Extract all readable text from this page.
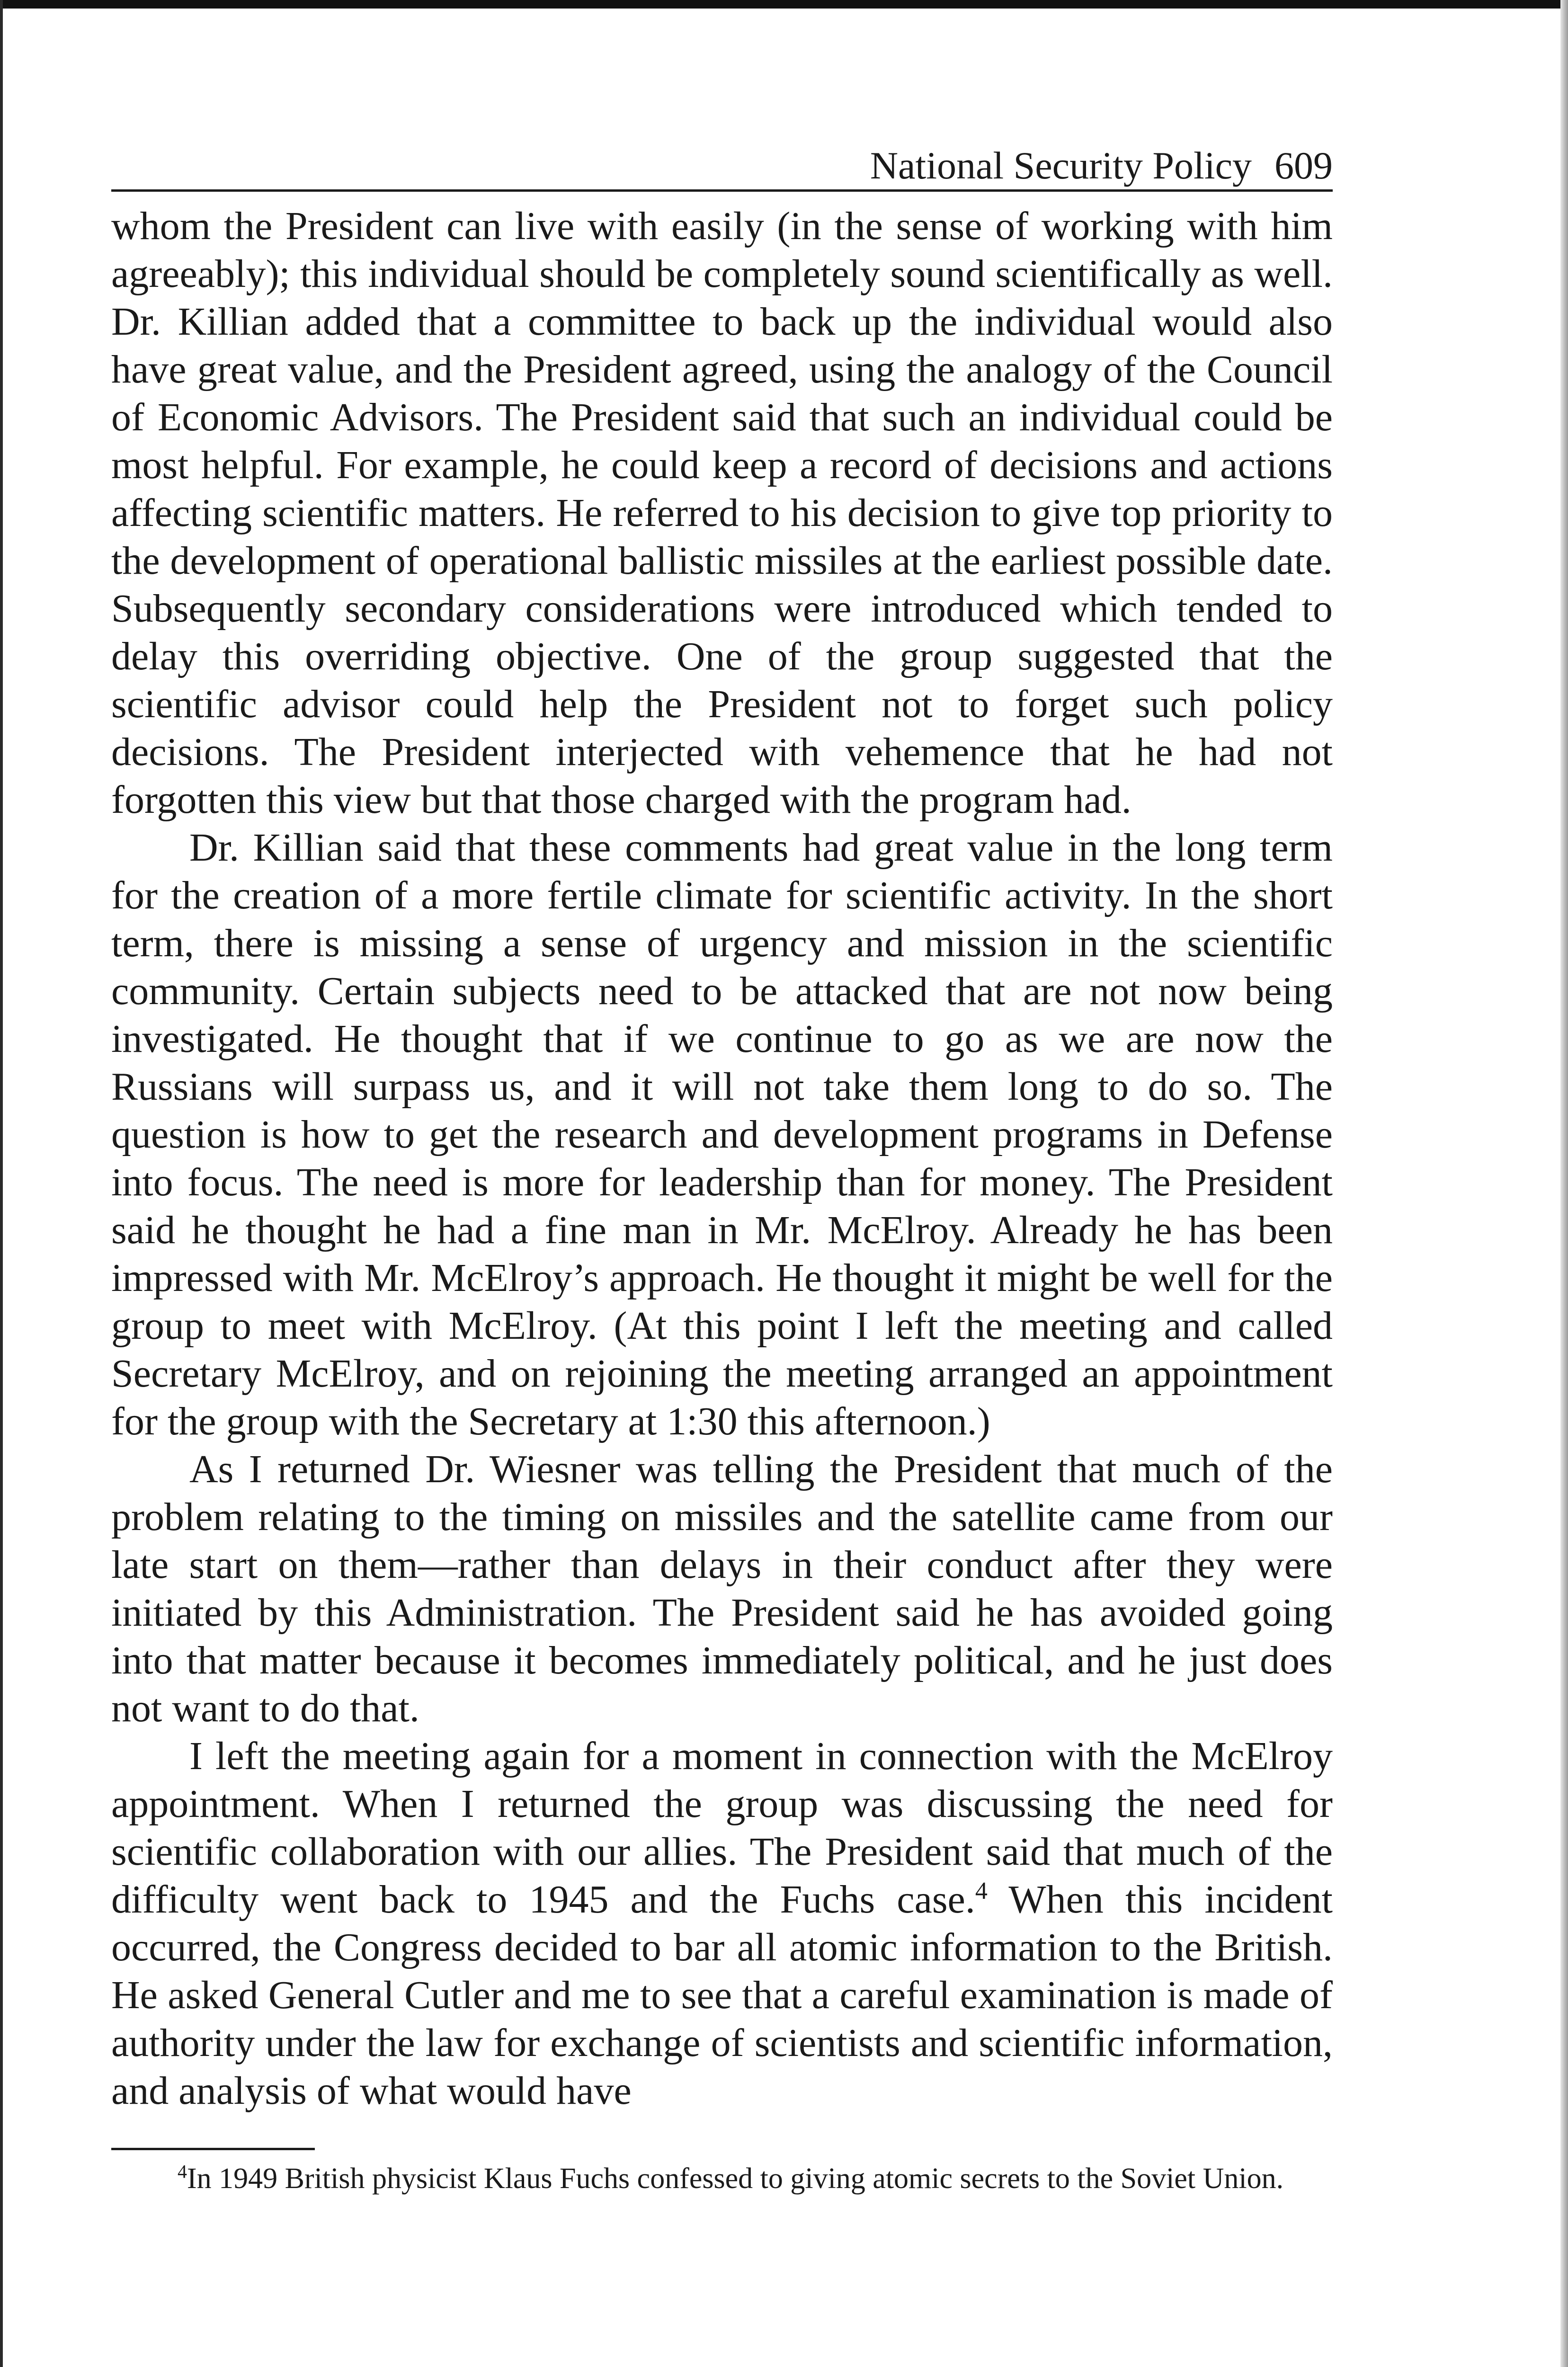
National Security Policy 609

whom the President can live with easily (in the sense of working with him agreeably); this individual should be completely sound scientifically as well. Dr. Killian added that a committee to back up the individual would also have great value, and the President agreed, using the analogy of the Council of Economic Advisors. The President said that such an individual could be most helpful. For example, he could keep a record of decisions and actions affecting scientific matters. He referred to his decision to give top priority to the development of operational ballistic missiles at the earliest possible date. Subsequently secondary considerations were introduced which tended to delay this overriding objective. One of the group suggested that the scientific advisor could help the President not to forget such policy decisions. The President interjected with vehemence that he had not forgotten this view but that those charged with the program had.

Dr. Killian said that these comments had great value in the long term for the creation of a more fertile climate for scientific activity. In the short term, there is missing a sense of urgency and mission in the scientific community. Certain subjects need to be attacked that are not now being investigated. He thought that if we continue to go as we are now the Russians will surpass us, and it will not take them long to do so. The question is how to get the research and development programs in Defense into focus. The need is more for leadership than for money. The President said he thought he had a fine man in Mr. McElroy. Already he has been impressed with Mr. McElroy’s approach. He thought it might be well for the group to meet with McElroy. (At this point I left the meeting and called Secretary McElroy, and on rejoining the meeting arranged an appointment for the group with the Secretary at 1:30 this afternoon.)

As I returned Dr. Wiesner was telling the President that much of the problem relating to the timing on missiles and the satellite came from our late start on them—rather than delays in their conduct after they were initiated by this Administration. The President said he has avoided going into that matter because it becomes immediately political, and he just does not want to do that.

I left the meeting again for a moment in connection with the McElroy appointment. When I returned the group was discussing the need for scientific collaboration with our allies. The President said that much of the difficulty went back to 1945 and the Fuchs case.$^4$ When this incident occurred, the Congress decided to bar all atomic information to the British. He asked General Cutler and me to see that a careful examination is made of authority under the law for exchange of scientists and scientific information, and analysis of what would have

$^4$In 1949 British physicist Klaus Fuchs confessed to giving atomic secrets to the Soviet Union.
